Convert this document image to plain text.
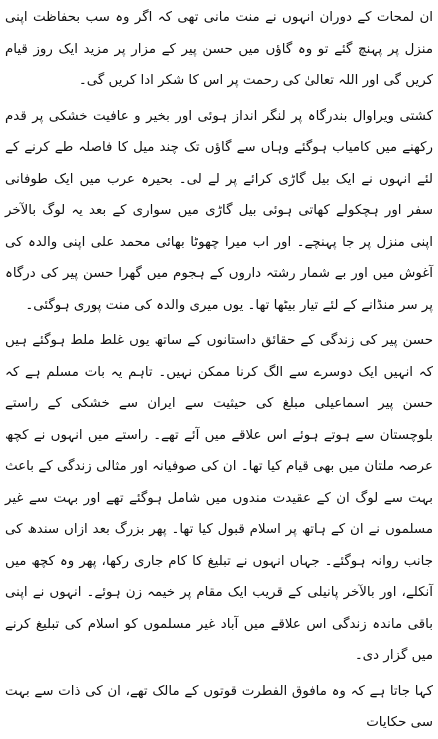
ان لمحات کے دوران انہوں نے منت مانی تھی کہ اگر وہ سب بحفاظت اپنی منزل پر پہنچ گئے تو وہ گاؤں میں حسن پیر کے مزار پر مزید ایک روز قیام کریں گی اور اللہ تعالیٰ کی رحمت پر اس کا شکر ادا کریں گی۔

کشتی ویراوال بندرگاہ پر لنگر انداز ہوئی اور بخیر و عافیت خشکی پر قدم رکھنے میں کامیاب ہوگئے وہاں سے گاؤں تک چند میل کا فاصلہ طے کرنے کے لئے انہوں نے ایک بیل گاڑی کرائے پر لے لی۔ بحیرہ عرب میں ایک طوفانی سفر اور ہچکولے کھاتی ہوئی بیل گاڑی میں سواری کے بعد یہ لوگ بالآخر اپنی منزل پر جا پہنچے۔ اور اب میرا چھوٹا بھائی محمد علی اپنی والدہ کی آغوش میں اور بے شمار رشتہ داروں کے ہجوم میں گھرا حسن پیر کی درگاہ پر سر منڈانے کے لئے تیار بیٹھا تھا۔ یوں میری والدہ کی منت پوری ہوگئی۔

حسن پیر کی زندگی کے حقائق داستانوں کے ساتھ یوں غلط ملط ہوگئے ہیں کہ انہیں ایک دوسرے سے الگ کرنا ممکن نہیں۔ تاہم یہ بات مسلم ہے کہ حسن پیر اسماعیلی مبلغ کی حیثیت سے ایران سے خشکی کے راستے بلوچستان سے ہوتے ہوئے اس علاقے میں آئے تھے۔ راستے میں انہوں نے کچھ عرصہ ملتان میں بھی قیام کیا تھا۔ ان کی صوفیانہ اور مثالی زندگی کے باعث بہت سے لوگ ان کے عقیدت مندوں میں شامل ہوگئے تھے اور بہت سے غیر مسلموں نے ان کے ہاتھ پر اسلام قبول کیا تھا۔ پھر بزرگ بعد ازاں سندھ کی جانب روانہ ہوگئے۔ جہاں انہوں نے تبلیغ کا کام جاری رکھا، پھر وہ کچھ میں آنکلے، اور بالآخر پانیلی کے قریب ایک مقام پر خیمہ زن ہوئے۔ انہوں نے اپنی باقی ماندہ زندگی اس علاقے میں آباد غیر مسلموں کو اسلام کی تبلیغ کرنے میں گزار دی۔

کہا جاتا ہے کہ وہ مافوق الفطرت قوتوں کے مالک تھے، ان کی ذات سے بہت سی حکایات
